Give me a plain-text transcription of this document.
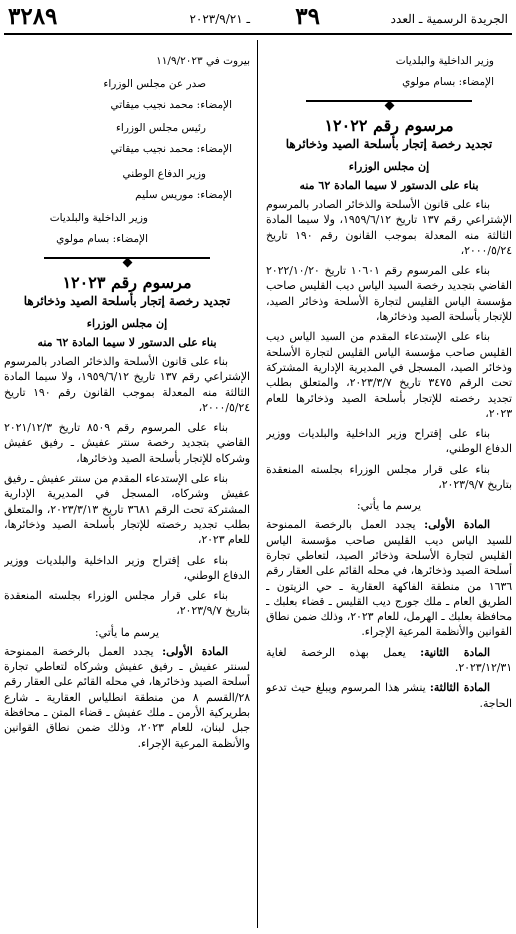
الجريدة الرسمية ـ العدد
٣٩
ـ ٢٠٢٣/٩/٢١
٣٢٨٩

وزير الداخلية والبلديات

الإمضاء: بسام مولوي

مرسوم رقم ١٢٠٢٢

تجديد رخصة إتجار بأسلحة الصيد وذخائرها

إن مجلس الوزراء

بناء على الدستور لا سيما المادة ٦٢ منه

بناء على قانون الأسلحة والذخائر الصادر بالمرسوم الإشتراعي رقم ١٣٧ تاريخ ١٩٥٩/٦/١٢، ولا سيما المادة الثالثة منه المعدلة بموجب القانون رقم ١٩٠ تاريخ ٢٠٠٠/٥/٢٤،

بناء على المرسوم رقم ١٠٦٠١ تاريخ ٢٠٢٢/١٠/٢٠ القاضي بتجديد رخصة السيد الياس ديب القليس صاحب مؤسسة الياس القليس لتجارة الأسلحة وذخائر الصيد، للإتجار بأسلحة الصيد وذخائرها،

بناء على الإستدعاء المقدم من السيد الياس ديب القليس صاحب مؤسسة الياس القليس لتجارة الأسلحة وذخائر الصيد، المسجل في المديرية الإدارية المشتركة تحت الرقم ٣٤٧٥ تاريخ ٢٠٢٣/٣/٧، والمتعلق بطلب تجديد رخصته للإتجار بأسلحة الصيد وذخائرها للعام ٢٠٢٣،

بناء على إقتراح وزير الداخلية والبلديات ووزير الدفاع الوطني،

بناء على قرار مجلس الوزراء بجلسته المنعقدة بتاريخ ٢٠٢٣/٩/٧،

يرسم ما يأتي:

المادة الأولى: يجدد العمل بالرخصة الممنوحة للسيد الياس ديب القليس صاحب مؤسسة الياس القليس لتجارة الأسلحة وذخائر الصيد، لتعاطي تجارة أسلحة الصيد وذخائرها، في محله القائم على العقار رقم ١٦٣٦ من منطقة الفاكهة العقارية ـ حي الزيتون ـ الطريق العام ـ ملك جورج ديب القليس ـ قضاء بعلبك ـ محافظة بعلبك ـ الهرمل، للعام ٢٠٢٣، وذلك ضمن نطاق القوانين والأنظمة المرعية الإجراء.

المادة الثانية: يعمل بهذه الرخصة لغاية ٢٠٢٣/١٢/٣١.

المادة الثالثة: ينشر هذا المرسوم ويبلغ حيث تدعو الحاجة.

بيروت في ١١/٩/٢٠٢٣

صدر عن مجلس الوزراء

الإمضاء: محمد نجيب ميقاتي

رئيس مجلس الوزراء

الإمضاء: محمد نجيب ميقاتي

وزير الدفاع الوطني

الإمضاء: موريس سليم

وزير الداخلية والبلديات

الإمضاء: بسام مولوي

مرسوم رقم ١٢٠٢٣

تجديد رخصة إتجار بأسلحة الصيد وذخائرها

إن مجلس الوزراء

بناء على الدستور لا سيما المادة ٦٢ منه

بناء على قانون الأسلحة والذخائر الصادر بالمرسوم الإشتراعي رقم ١٣٧ تاريخ ١٩٥٩/٦/١٢، ولا سيما المادة الثالثة منه المعدلة بموجب القانون رقم ١٩٠ تاريخ ٢٠٠٠/٥/٢٤،

بناء على المرسوم رقم ٨٥٠٩ تاريخ ٢٠٢١/١٢/٣ القاضي بتجديد رخصة سنتر عفيش ـ رفيق عفيش وشركاه للإتجار بأسلحة الصيد وذخائرها،

بناء على الإستدعاء المقدم من سنتر عفيش ـ رفيق عفيش وشركاه، المسجل في المديرية الإدارية المشتركة تحت الرقم ٣٦٨١ تاريخ ٢٠٢٣/٣/١٣، والمتعلق بطلب تجديد رخصته للإتجار بأسلحة الصيد وذخائرها، للعام ٢٠٢٣،

بناء على إقتراح وزير الداخلية والبلديات ووزير الدفاع الوطني،

بناء على قرار مجلس الوزراء بجلسته المنعقدة بتاريخ ٢٠٢٣/٩/٧،

يرسم ما يأتي:

المادة الأولى: يجدد العمل بالرخصة الممنوحة لسنتر عفيش ـ رفيق عفيش وشركاه لتعاطي تجارة أسلحة الصيد وذخائرها، في محله القائم على العقار رقم ٢٨/القسم ٨ من منطقة انطلياس العقارية ـ شارع بطريركية الأرمن ـ ملك عفيش ـ قضاء المتن ـ محافظة جبل لبنان، للعام ٢٠٢٣، وذلك ضمن نطاق القوانين والأنظمة المرعية الإجراء.
